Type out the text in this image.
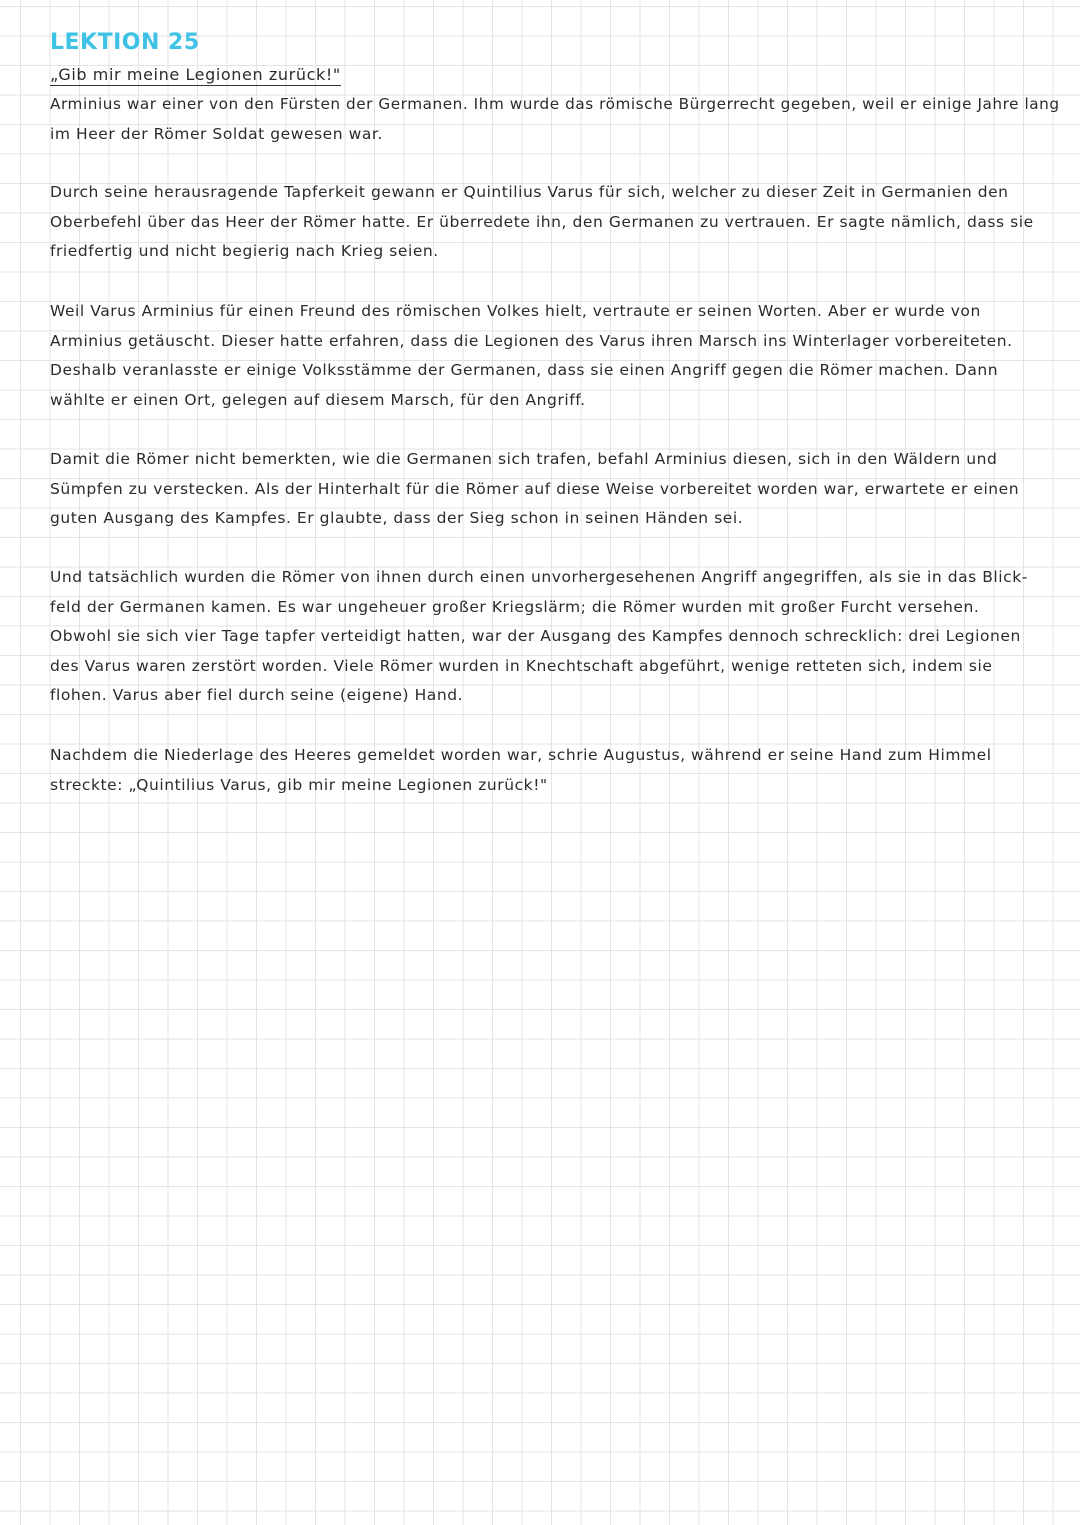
LEKTION 25
„Gib mir meine Legionen zurück!"
Arminius war einer von den Fürsten der Germanen. Ihm wurde das römische Bürgerrecht gegeben, weil er einige Jahre lang
im Heer der Römer Soldat gewesen war.
Durch seine herausragende Tapferkeit gewann er Quintilius Varus für sich, welcher zu dieser Zeit in Germanien den
Oberbefehl über das Heer der Römer hatte. Er überredete ihn, den Germanen zu vertrauen. Er sagte nämlich, dass sie
friedfertig und nicht begierig nach Krieg seien.
Weil Varus Arminius für einen Freund des römischen Volkes hielt, vertraute er seinen Worten. Aber er wurde von
Arminius getäuscht. Dieser hatte erfahren, dass die Legionen des Varus ihren Marsch ins Winterlager vorbereiteten.
Deshalb veranlasste er einige Volksstämme der Germanen, dass sie einen Angriff gegen die Römer machen. Dann
wählte er einen Ort, gelegen auf diesem Marsch, für den Angriff.
Damit die Römer nicht bemerkten, wie die Germanen sich trafen, befahl Arminius diesen, sich in den Wäldern und
Sümpfen zu verstecken. Als der Hinterhalt für die Römer auf diese Weise vorbereitet worden war, erwartete er einen
guten Ausgang des Kampfes. Er glaubte, dass der Sieg schon in seinen Händen sei.
Und tatsächlich wurden die Römer von ihnen durch einen unvorhergesehenen Angriff angegriffen, als sie in das Blick-
feld der Germanen kamen. Es war ungeheuer großer Kriegslärm; die Römer wurden mit großer Furcht versehen.
Obwohl sie sich vier Tage tapfer verteidigt hatten, war der Ausgang des Kampfes dennoch schrecklich: drei Legionen
des Varus waren zerstört worden. Viele Römer wurden in Knechtschaft abgeführt, wenige retteten sich, indem sie
flohen. Varus aber fiel durch seine (eigene) Hand.
Nachdem die Niederlage des Heeres gemeldet worden war, schrie Augustus, während er seine Hand zum Himmel
streckte: „Quintilius Varus, gib mir meine Legionen zurück!"
